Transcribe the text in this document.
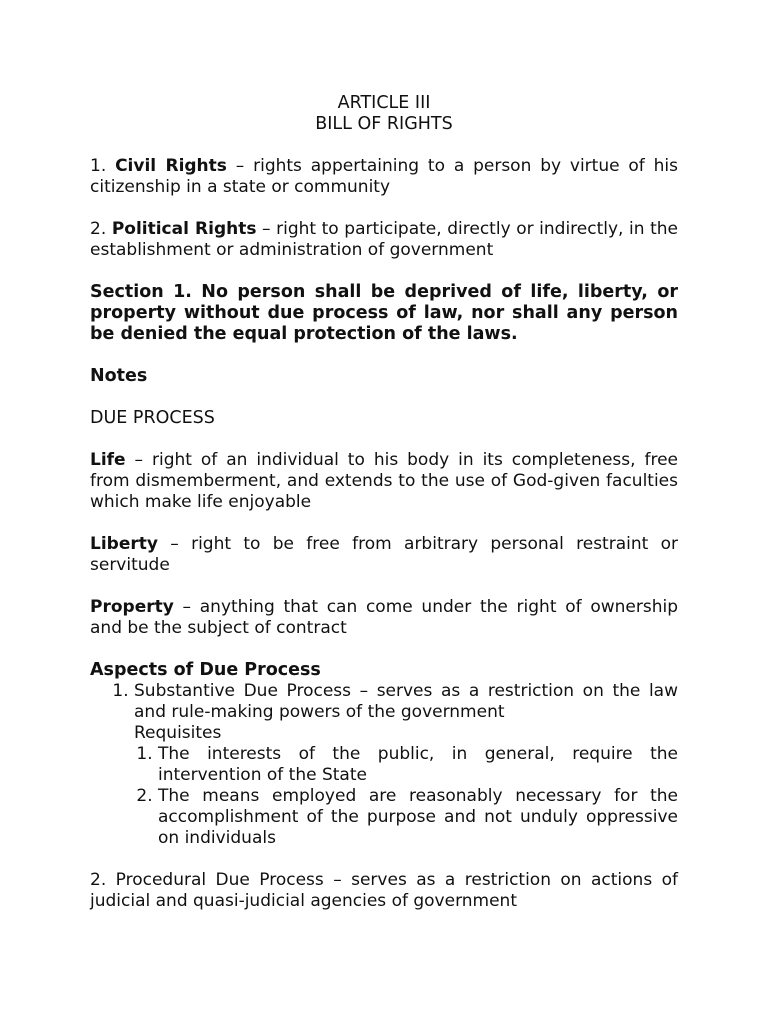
ARTICLE III

BILL OF RIGHTS

1. Civil Rights – rights appertaining to a person by virtue of his citizenship in a state or community

2. Political Rights – right to participate, directly or indirectly, in the establishment or administration of government

Section 1. No person shall be deprived of life, liberty, or property without due process of law, nor shall any person be denied the equal protection of the laws.

Notes

DUE PROCESS

Life – right of an individual to his body in its completeness, free from dismemberment, and extends to the use of God-given faculties which make life enjoyable

Liberty – right to be free from arbitrary personal restraint or servitude

Property – anything that can come under the right of ownership and be the subject of contract

Aspects of Due Process

1. Substantive Due Process – serves as a restriction on the law and rule-making powers of the government

Requisites

1. The interests of the public, in general, require the intervention of the State
2. The means employed are reasonably necessary for the accomplishment of the purpose and not unduly oppressive on individuals

2. Procedural Due Process – serves as a restriction on actions of judicial and quasi-judicial agencies of government
